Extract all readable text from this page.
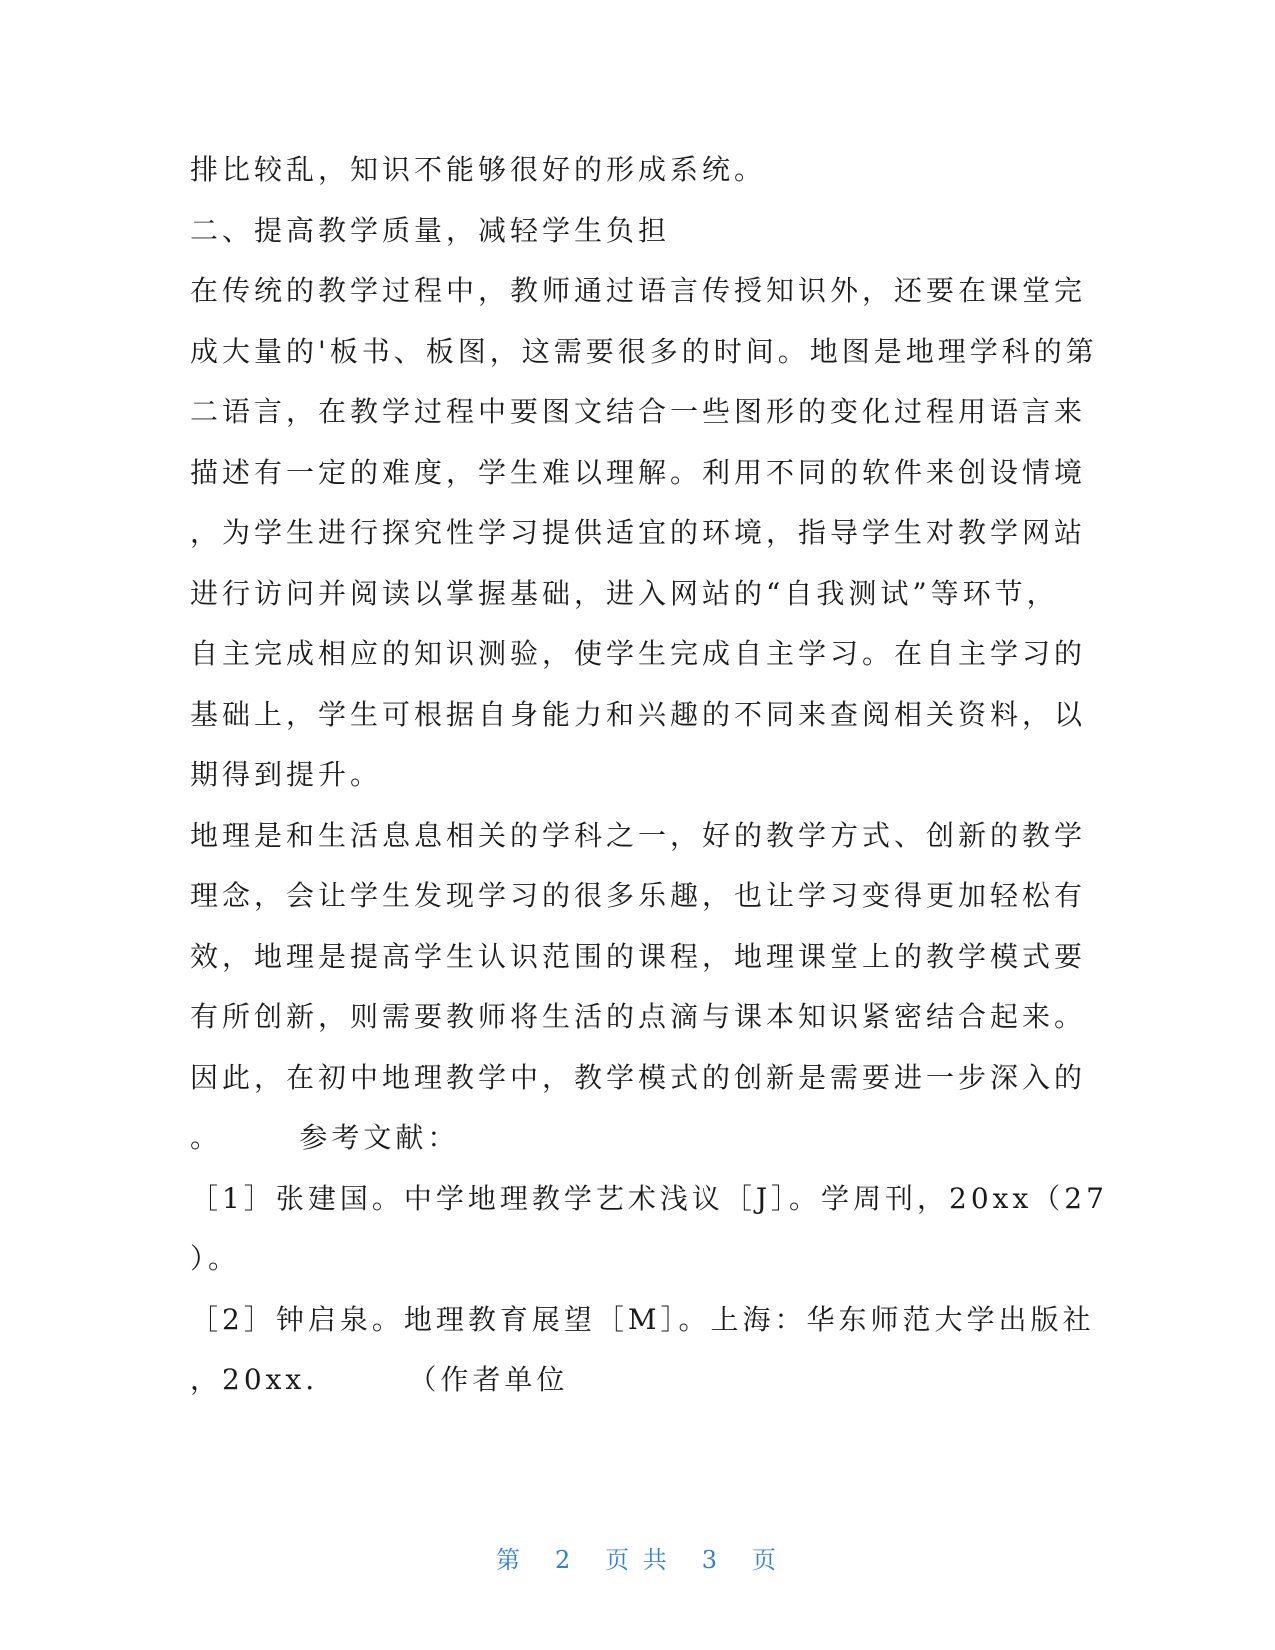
排比较乱，知识不能够很好的形成系统。
二、提高教学质量，减轻学生负担
在传统的教学过程中，教师通过语言传授知识外，还要在课堂完
成大量的'板书、板图，这需要很多的时间。地图是地理学科的第
二语言，在教学过程中要图文结合一些图形的变化过程用语言来
描述有一定的难度，学生难以理解。利用不同的软件来创设情境
，为学生进行探究性学习提供适宜的环境，指导学生对教学网站
进行访问并阅读以掌握基础，进入网站的“自我测试”等环节，
自主完成相应的知识测验，使学生完成自主学习。在自主学习的
基础上，学生可根据自身能力和兴趣的不同来查阅相关资料，以
期得到提升。
地理是和生活息息相关的学科之一，好的教学方式、创新的教学
理念，会让学生发现学习的很多乐趣，也让学习变得更加轻松有
效，地理是提高学生认识范围的课程，地理课堂上的教学模式要
有所创新，则需要教师将生活的点滴与课本知识紧密结合起来。
因此，在初中地理教学中，教学模式的创新是需要进一步深入的
。      参考文献：
［1］张建国。中学地理教学艺术浅议［J］。学周刊，20xx（27
）。
［2］钟启泉。地理教育展望［M］。上海：华东师范大学出版社
，20xx.       （作者单位
第 2 页 共 3 页
